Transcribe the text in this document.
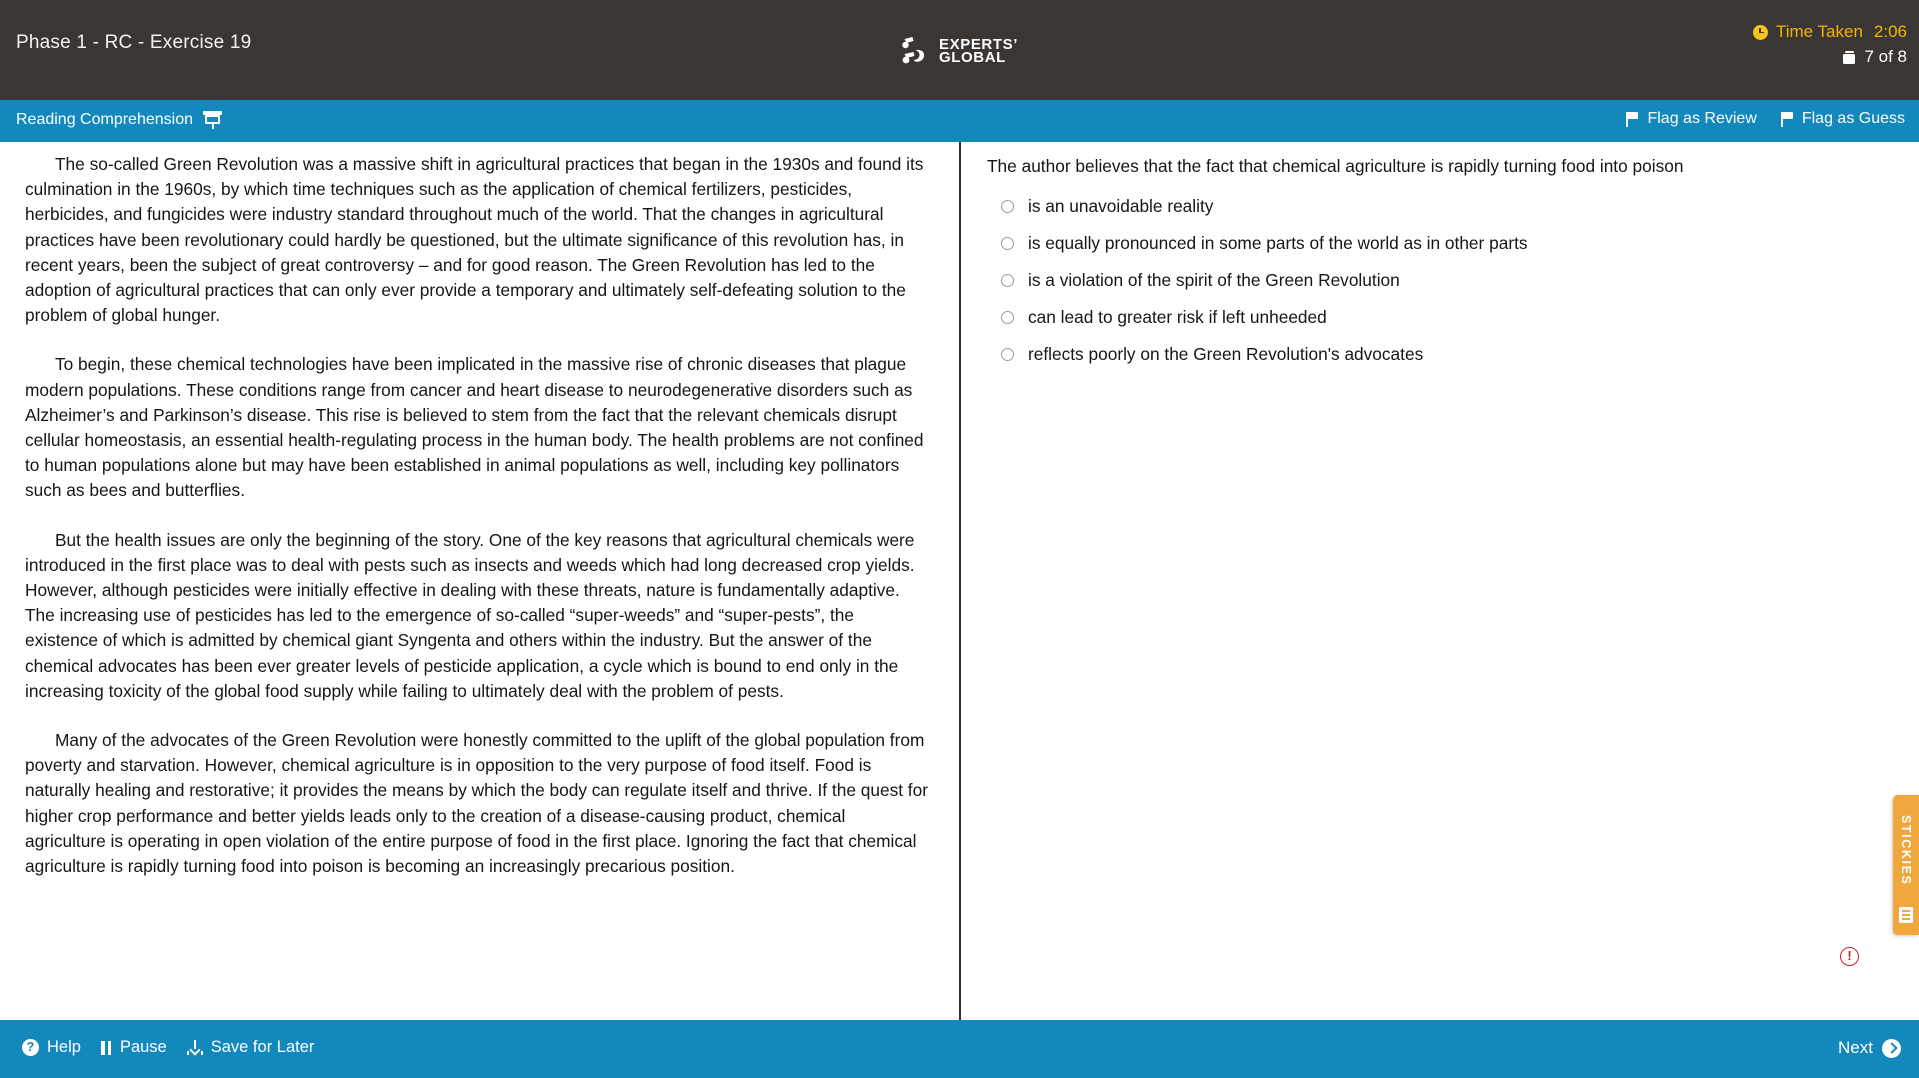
Phase 1 - RC - Exercise 19	EXPERTS’
GLOBAL
Time Taken 2:06
7 of 8
Reading Comprehension	Flag as Review	Flag as Guess

The so-called Green Revolution was a massive shift in agricultural practices that began in the 1930s and found its culmination in the 1960s, by which time techniques such as the application of chemical fertilizers, pesticides, herbicides, and fungicides were industry standard throughout much of the world. That the changes in agricultural practices have been revolutionary could hardly be questioned, but the ultimate significance of this revolution has, in recent years, been the subject of great controversy – and for good reason. The Green Revolution has led to the adoption of agricultural practices that can only ever provide a temporary and ultimately self-defeating solution to the problem of global hunger.

To begin, these chemical technologies have been implicated in the massive rise of chronic diseases that plague modern populations. These conditions range from cancer and heart disease to neurodegenerative disorders such as Alzheimer’s and Parkinson’s disease. This rise is believed to stem from the fact that the relevant chemicals disrupt cellular homeostasis, an essential health-regulating process in the human body. The health problems are not confined to human populations alone but may have been established in animal populations as well, including key pollinators such as bees and butterflies.

But the health issues are only the beginning of the story. One of the key reasons that agricultural chemicals were introduced in the first place was to deal with pests such as insects and weeds which had long decreased crop yields. However, although pesticides were initially effective in dealing with these threats, nature is fundamentally adaptive. The increasing use of pesticides has led to the emergence of so-called “super-weeds” and “super-pests”, the existence of which is admitted by chemical giant Syngenta and others within the industry. But the answer of the chemical advocates has been ever greater levels of pesticide application, a cycle which is bound to end only in the increasing toxicity of the global food supply while failing to ultimately deal with the problem of pests.

Many of the advocates of the Green Revolution were honestly committed to the uplift of the global population from poverty and starvation. However, chemical agriculture is in opposition to the very purpose of food itself. Food is naturally healing and restorative; it provides the means by which the body can regulate itself and thrive. If the quest for higher crop performance and better yields leads only to the creation of a disease-causing product, chemical agriculture is operating in open violation of the entire purpose of food in the first place. Ignoring the fact that chemical agriculture is rapidly turning food into poison is becoming an increasingly precarious position.

The author believes that the fact that chemical agriculture is rapidly turning food into poison
is an unavoidable reality
is equally pronounced in some parts of the world as in other parts
is a violation of the spirit of the Green Revolution
can lead to greater risk if left unheeded
reflects poorly on the Green Revolution's advocates
STICKIES
!
? Help Pause	Save for Later	Next
